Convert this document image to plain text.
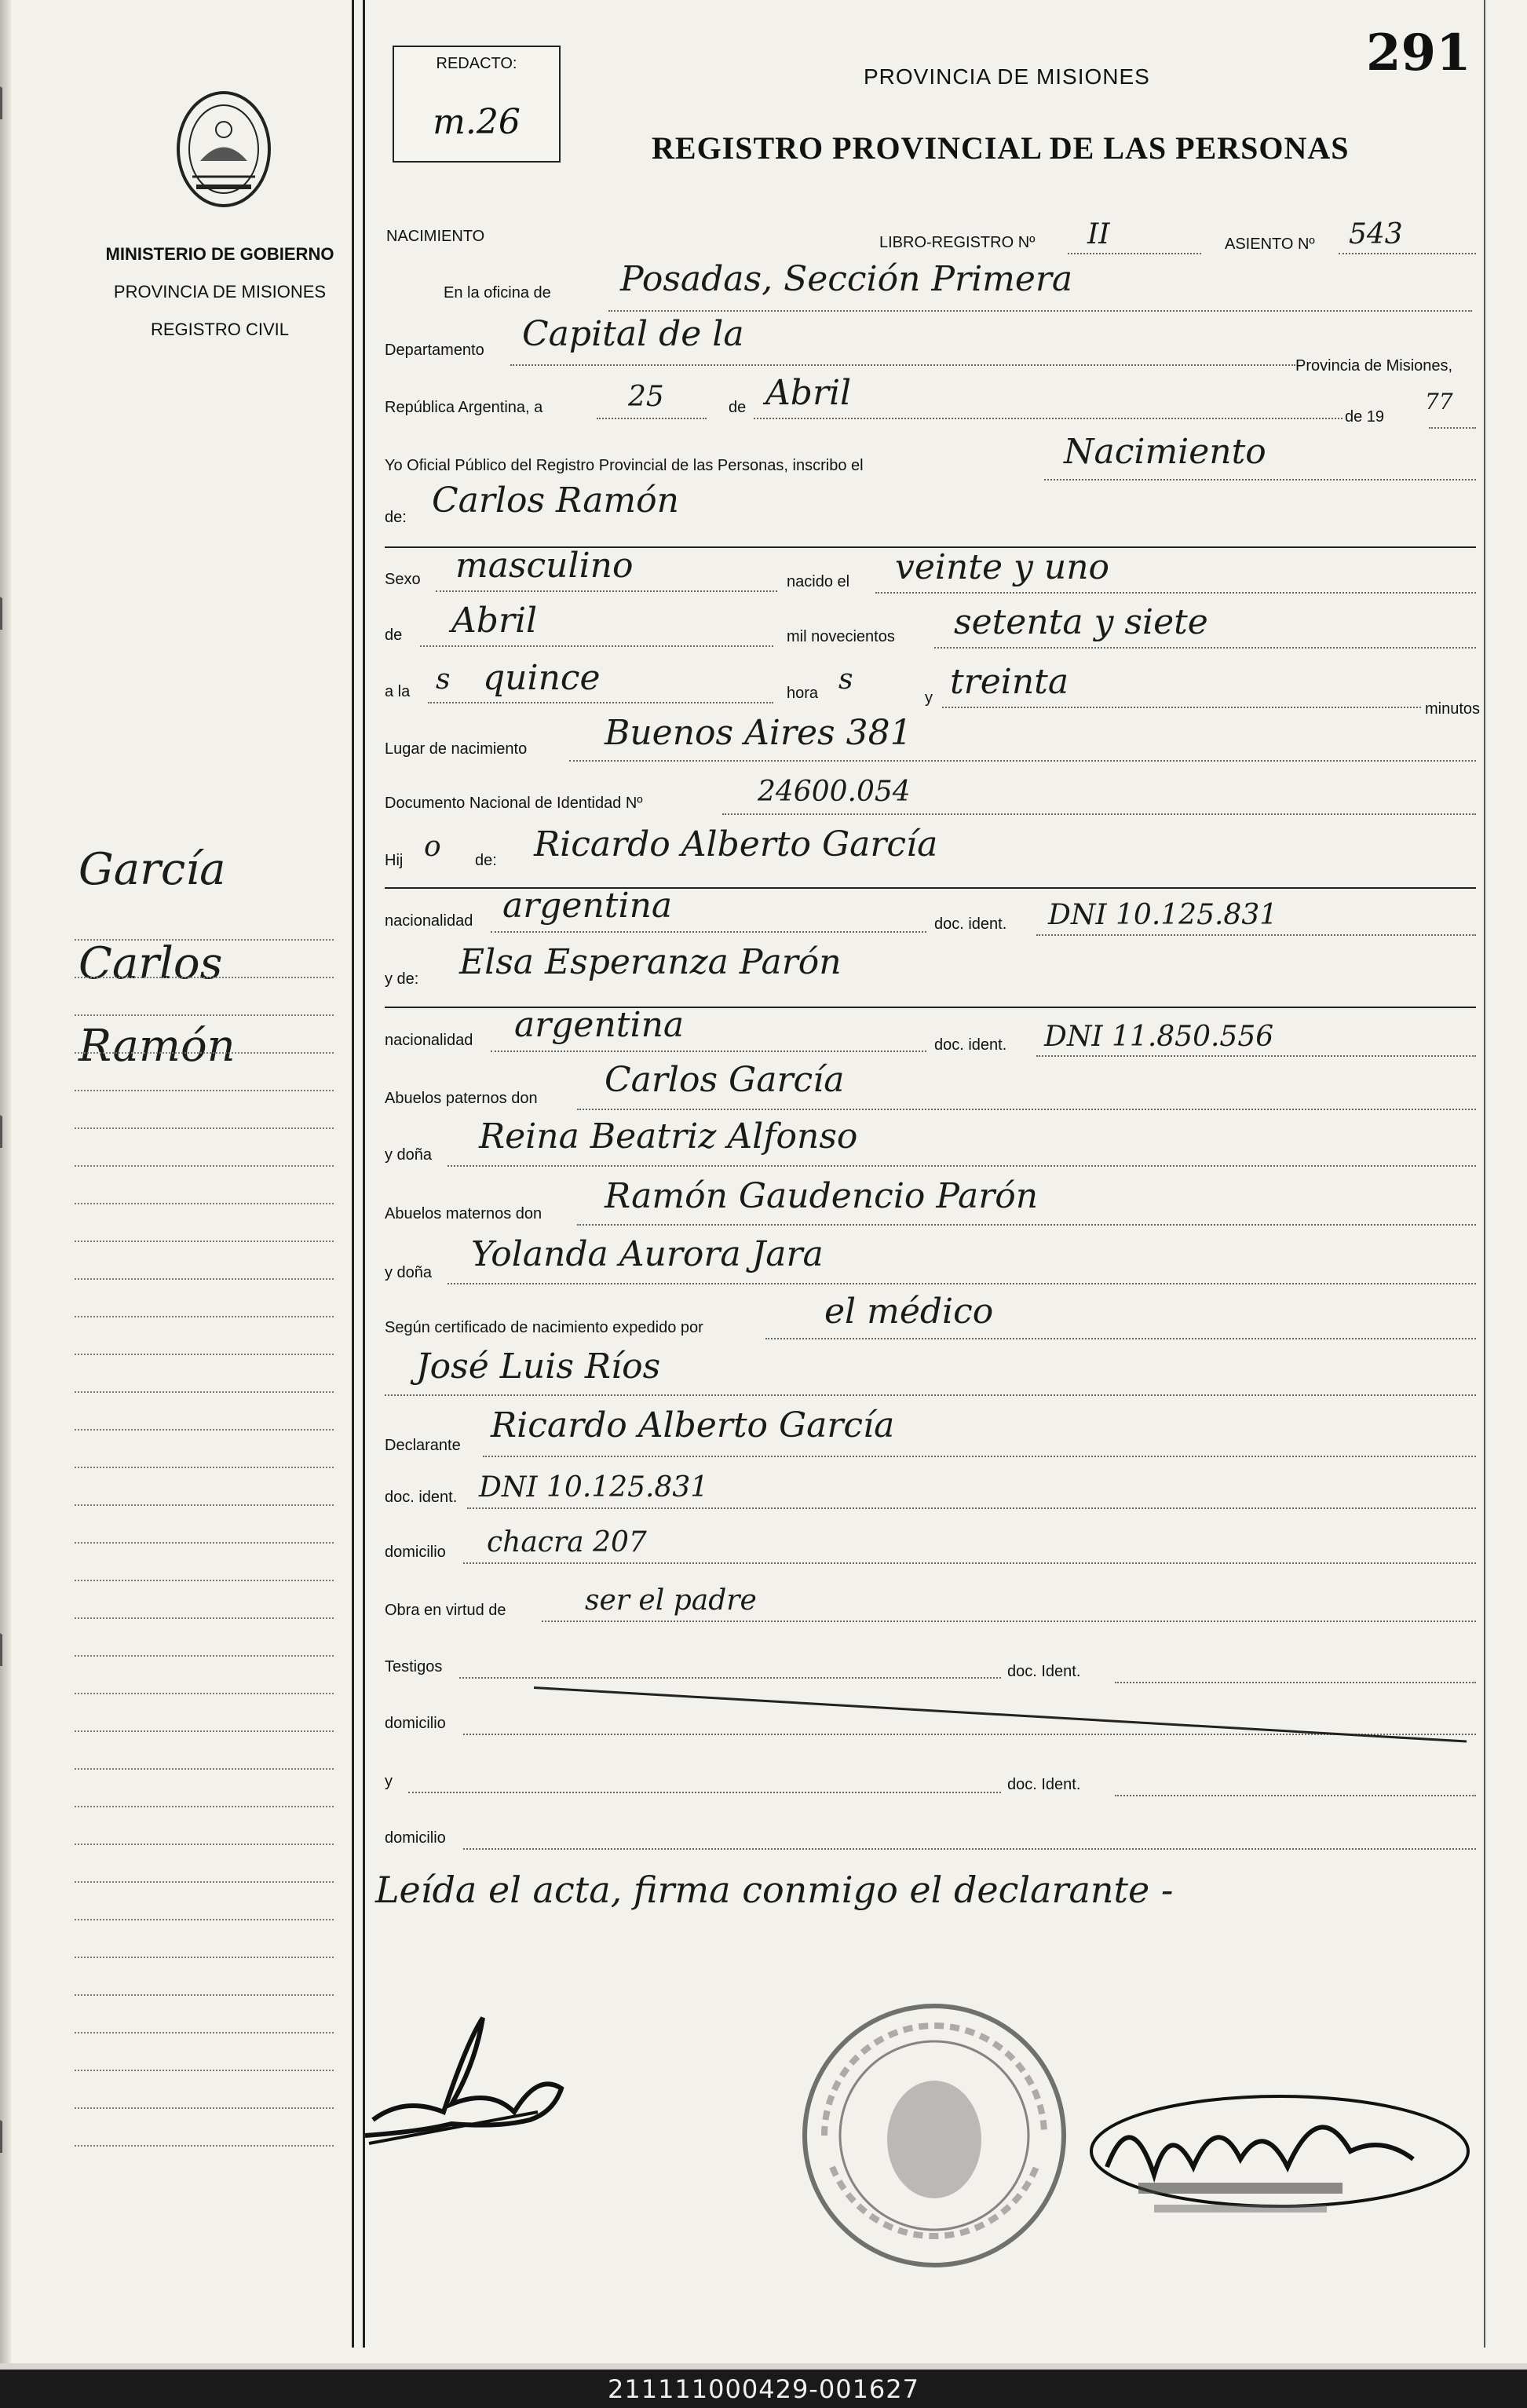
MINISTERIO DE GOBIERNO
PROVINCIA DE MISIONES
REGISTRO CIVIL
García
Carlos
Ramón
REDACTO:
m.26
291
PROVINCIA DE MISIONES
REGISTRO PROVINCIAL DE LAS PERSONAS
NACIMIENTO	LIBRO-REGISTRO Nº II	ASIENTO Nº 543
En la oficina de Posadas, Sección Primera
Departamento Capital de la
Provincia de Misiones,
República Argentina, a	25	de Abril
de 19
77
Yo Oficial Público del Registro Provincial de las Personas, inscribo el	Nacimiento
de: Carlos Ramón
Sexo masculino	nacido el veinte y uno
de Abril	mil novecientos setenta y siete
a la s quince	hora s
y treinta
minutos
Lugar de nacimiento Buenos Aires 381
Documento Nacional de Identidad Nº	24600.054
Hij o de: Ricardo Alberto García
nacionalidad argentina	doc. ident. DNI 10.125.831
y de: Elsa Esperanza Parón
nacionalidad argentina	doc. ident. DNI 11.850.556
Abuelos paternos don Carlos García
y doña Reina Beatriz Alfonso
Abuelos maternos don Ramón Gaudencio Parón
y doña Yolanda Aurora Jara
Según certificado de nacimiento expedido por	el médico
José Luis Ríos
Declarante Ricardo Alberto García
doc. ident. DNI 10.125.831
domicilio chacra 207
Obra en virtud de	ser el padre
Testigos	doc. Ident.
domicilio
y	doc. Ident.
domicilio
Leída el acta, firma conmigo el declarante -
211111000429-001627
